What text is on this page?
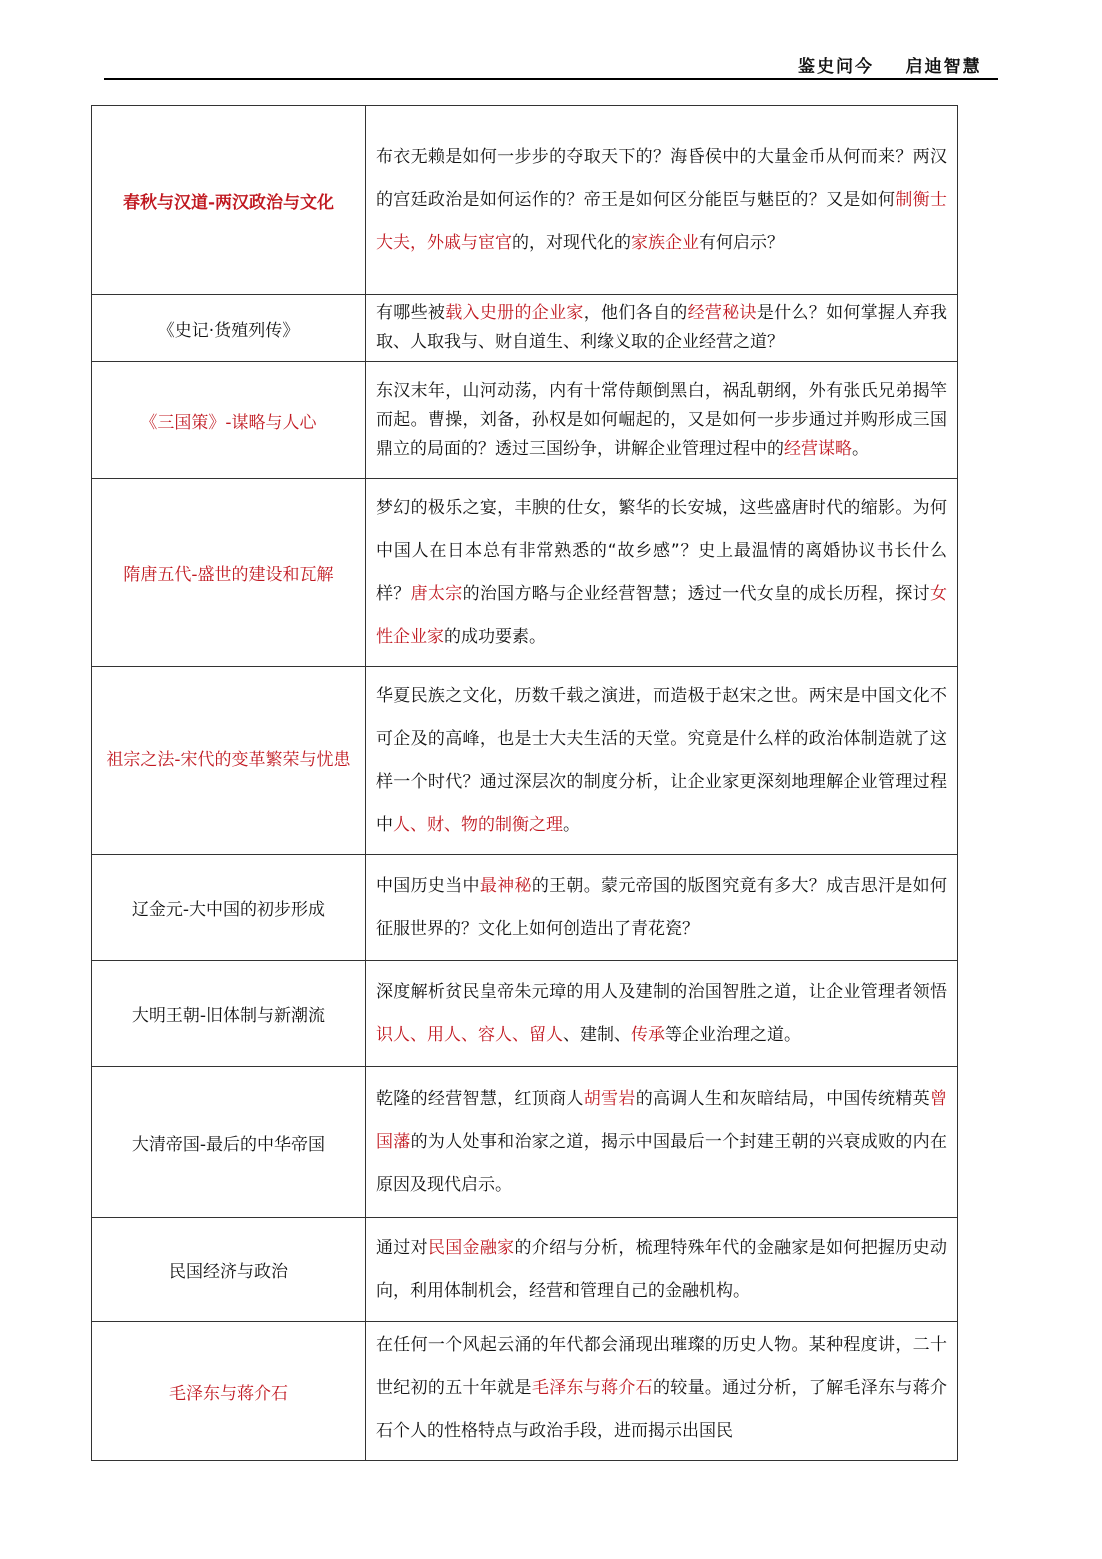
鉴史问今    启迪智慧
春秋与汉道-两汉政治与文化	布衣无赖是如何一步步的夺取天下的？海昏侯中的大量金币从何而来？两汉的宫廷政治是如何运作的？帝王是如何区分能臣与魅臣的？又是如何制衡士大夫，外戚与宦官的，对现代化的家族企业有何启示？
《史记·货殖列传》	有哪些被载入史册的企业家，他们各自的经营秘诀是什么？如何掌握人弃我取、人取我与、财自道生、利缘义取的企业经营之道？
《三国策》-谋略与人心	东汉末年，山河动荡，内有十常侍颠倒黑白，祸乱朝纲，外有张氏兄弟揭竿而起。曹操，刘备，孙权是如何崛起的，又是如何一步步通过并购形成三国鼎立的局面的？透过三国纷争，讲解企业管理过程中的经营谋略。
隋唐五代-盛世的建设和瓦解	梦幻的极乐之宴，丰腴的仕女，繁华的长安城，这些盛唐时代的缩影。为何中国人在日本总有非常熟悉的“故乡感”？史上最温情的离婚协议书长什么样？唐太宗的治国方略与企业经营智慧；透过一代女皇的成长历程，探讨女性企业家的成功要素。
祖宗之法-宋代的变革繁荣与忧患	华夏民族之文化，历数千载之演进，而造极于赵宋之世。两宋是中国文化不可企及的高峰，也是士大夫生活的天堂。究竟是什么样的政治体制造就了这样一个时代？通过深层次的制度分析，让企业家更深刻地理解企业管理过程中人、财、物的制衡之理。
辽金元-大中国的初步形成	中国历史当中最神秘的王朝。蒙元帝国的版图究竟有多大？成吉思汗是如何征服世界的？文化上如何创造出了青花瓷？
大明王朝-旧体制与新潮流	深度解析贫民皇帝朱元璋的用人及建制的治国智胜之道，让企业管理者领悟识人、用人、容人、留人、建制、传承等企业治理之道。
大清帝国-最后的中华帝国	乾隆的经营智慧，红顶商人胡雪岩的高调人生和灰暗结局，中国传统精英曾国藩的为人处事和治家之道，揭示中国最后一个封建王朝的兴衰成败的内在原因及现代启示。
民国经济与政治	通过对民国金融家的介绍与分析，梳理特殊年代的金融家是如何把握历史动向，利用体制机会，经营和管理自己的金融机构。
毛泽东与蒋介石	在任何一个风起云涌的年代都会涌现出璀璨的历史人物。某种程度讲，二十世纪初的五十年就是毛泽东与蒋介石的较量。通过分析，了解毛泽东与蒋介石个人的性格特点与政治手段，进而揭示出国民
